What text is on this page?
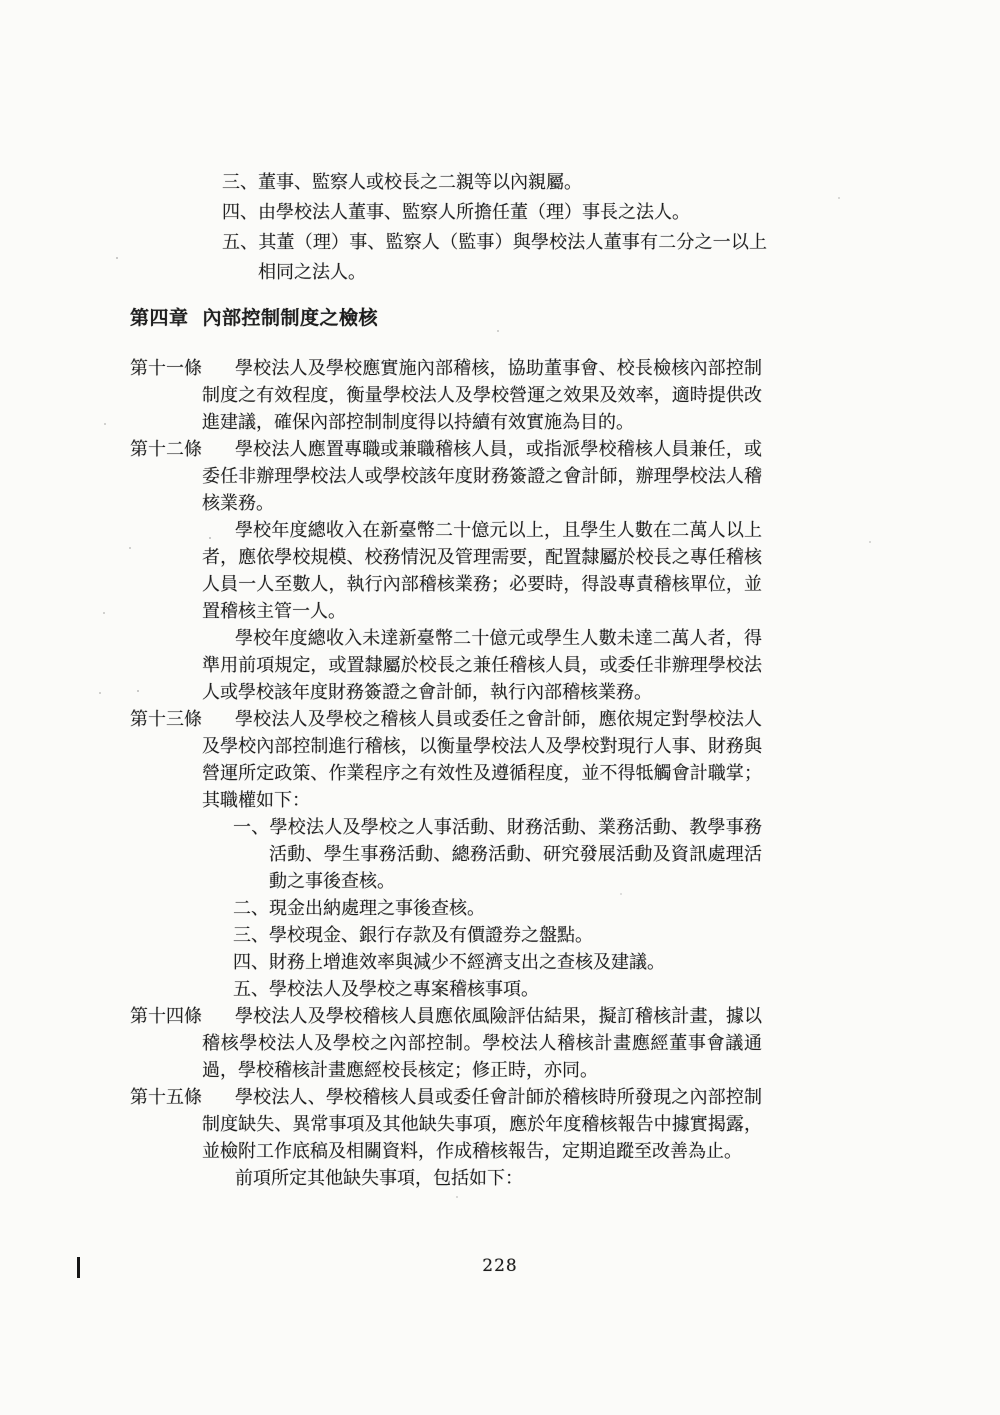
三、董事、監察人或校長之二親等以內親屬。
四、由學校法人董事、監察人所擔任董（理）事長之法人。
五、其董（理）事、監察人（監事）與學校法人董事有二分之一以上相同之法人。
第四章 內部控制制度之檢核
第十一條	學校法人及學校應實施內部稽核，協助董事會、校長檢核內部控制制度之有效程度，衡量學校法人及學校營運之效果及效率，適時提供改進建議，確保內部控制制度得以持續有效實施為目的。

第十二條	學校法人應置專職或兼職稽核人員，或指派學校稽核人員兼任，或委任非辦理學校法人或學校該年度財務簽證之會計師，辦理學校法人稽核業務。

學校年度總收入在新臺幣二十億元以上，且學生人數在二萬人以上者，應依學校規模、校務情況及管理需要，配置隸屬於校長之專任稽核人員一人至數人，執行內部稽核業務；必要時，得設專責稽核單位，並置稽核主管一人。

學校年度總收入未達新臺幣二十億元或學生人數未達二萬人者，得準用前項規定，或置隸屬於校長之兼任稽核人員，或委任非辦理學校法人或學校該年度財務簽證之會計師，執行內部稽核業務。

第十三條	學校法人及學校之稽核人員或委任之會計師，應依規定對學校法人及學校內部控制進行稽核，以衡量學校法人及學校對現行人事、財務與營運所定政策、作業程序之有效性及遵循程度，並不得牴觸會計職掌；其職權如下：

一、學校法人及學校之人事活動、財務活動、業務活動、教學事務活動、學生事務活動、總務活動、研究發展活動及資訊處理活動之事後查核。
二、現金出納處理之事後查核。
三、學校現金、銀行存款及有價證券之盤點。
四、財務上增進效率與減少不經濟支出之查核及建議。
五、學校法人及學校之專案稽核事項。
第十四條	學校法人及學校稽核人員應依風險評估結果，擬訂稽核計畫，據以稽核學校法人及學校之內部控制。學校法人稽核計畫應經董事會議通過，學校稽核計畫應經校長核定；修正時，亦同。

第十五條	學校法人、學校稽核人員或委任會計師於稽核時所發現之內部控制制度缺失、異常事項及其他缺失事項，應於年度稽核報告中據實揭露，並檢附工作底稿及相關資料，作成稽核報告，定期追蹤至改善為止。

前項所定其他缺失事項，包括如下：

228
